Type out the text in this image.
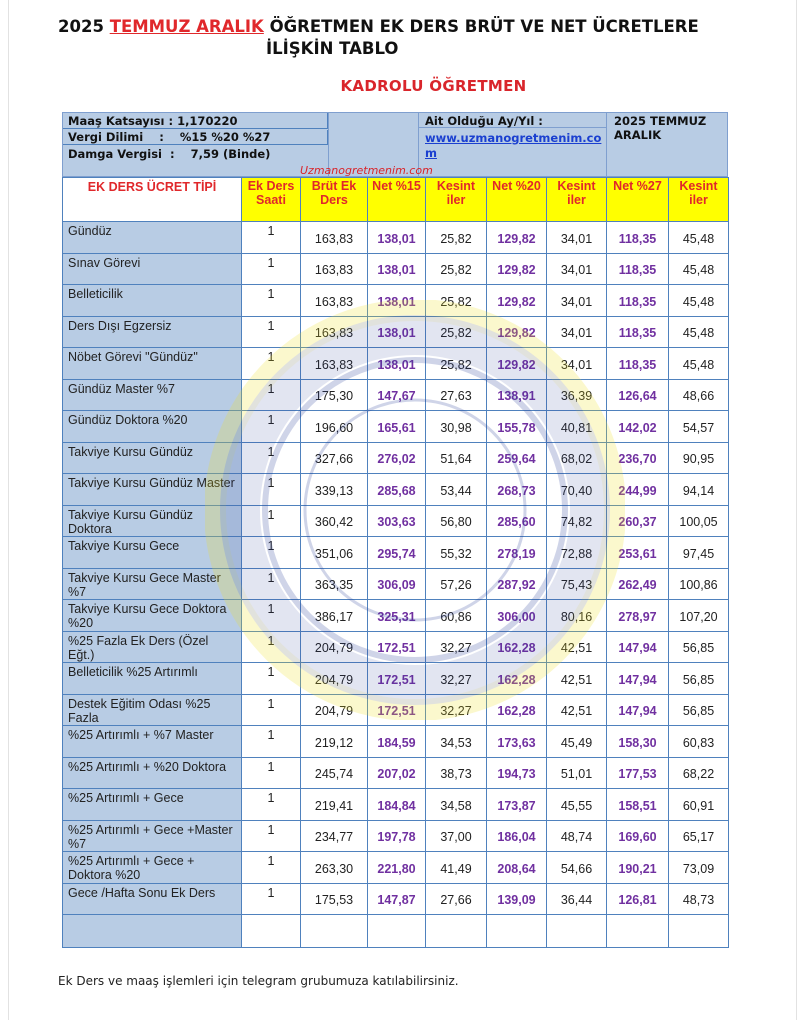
2025 TEMMUZ ARALIK ÖĞRETMEN EK DERS BRÜT VE NET ÜCRETLERE
İLİŞKİN TABLO
KADROLU ÖĞRETMEN
Maaş Katsayısı : 1,170220
Vergi Dilimi    :    %15 %20 %27
Damga Vergisi  :    7,59 (Binde)
Ait Olduğu Ay/Yıl :
www.uzmanogretmenim.com
2025 TEMMUZ ARALIK
Uzmanogretmenim.com
EK DERS ÜCRET TİPİ	Ek Ders Saati	Brüt Ek Ders	Net %15	Kesint iler	Net %20	Kesint iler	Net %27	Kesint iler
Gündüz	1	163,83	138,01	25,82	129,82	34,01	118,35	45,48
Sınav Görevi	1	163,83	138,01	25,82	129,82	34,01	118,35	45,48
Belleticilik	1	163,83	138,01	25,82	129,82	34,01	118,35	45,48
Ders Dışı Egzersiz	1	163,83	138,01	25,82	129,82	34,01	118,35	45,48
Nöbet Görevi "Gündüz"	1	163,83	138,01	25,82	129,82	34,01	118,35	45,48
Gündüz Master %7	1	175,30	147,67	27,63	138,91	36,39	126,64	48,66
Gündüz Doktora %20	1	196,60	165,61	30,98	155,78	40,81	142,02	54,57
Takviye Kursu Gündüz	1	327,66	276,02	51,64	259,64	68,02	236,70	90,95
Takviye Kursu Gündüz Master	1	339,13	285,68	53,44	268,73	70,40	244,99	94,14
Takviye Kursu Gündüz Doktora	1	360,42	303,63	56,80	285,60	74,82	260,37	100,05
Takviye Kursu Gece	1	351,06	295,74	55,32	278,19	72,88	253,61	97,45
Takviye Kursu Gece Master %7	1	363,35	306,09	57,26	287,92	75,43	262,49	100,86
Takviye Kursu Gece Doktora %20	1	386,17	325,31	60,86	306,00	80,16	278,97	107,20
%25 Fazla Ek Ders (Özel Eğt.)	1	204,79	172,51	32,27	162,28	42,51	147,94	56,85
Belleticilik %25 Artırımlı	1	204,79	172,51	32,27	162,28	42,51	147,94	56,85
Destek Eğitim Odası %25 Fazla	1	204,79	172,51	32,27	162,28	42,51	147,94	56,85
%25 Artırımlı + %7 Master	1	219,12	184,59	34,53	173,63	45,49	158,30	60,83
%25 Artırımlı + %20 Doktora	1	245,74	207,02	38,73	194,73	51,01	177,53	68,22
%25 Artırımlı + Gece	1	219,41	184,84	34,58	173,87	45,55	158,51	60,91
%25 Artırımlı + Gece +Master %7	1	234,77	197,78	37,00	186,04	48,74	169,60	65,17
%25 Artırımlı + Gece + Doktora %20	1	263,30	221,80	41,49	208,64	54,66	190,21	73,09
Gece /Hafta Sonu Ek Ders	1	175,53	147,87	27,66	139,09	36,44	126,81	48,73

Ek Ders ve maaş işlemleri için telegram grubumuza katılabilirsiniz.
